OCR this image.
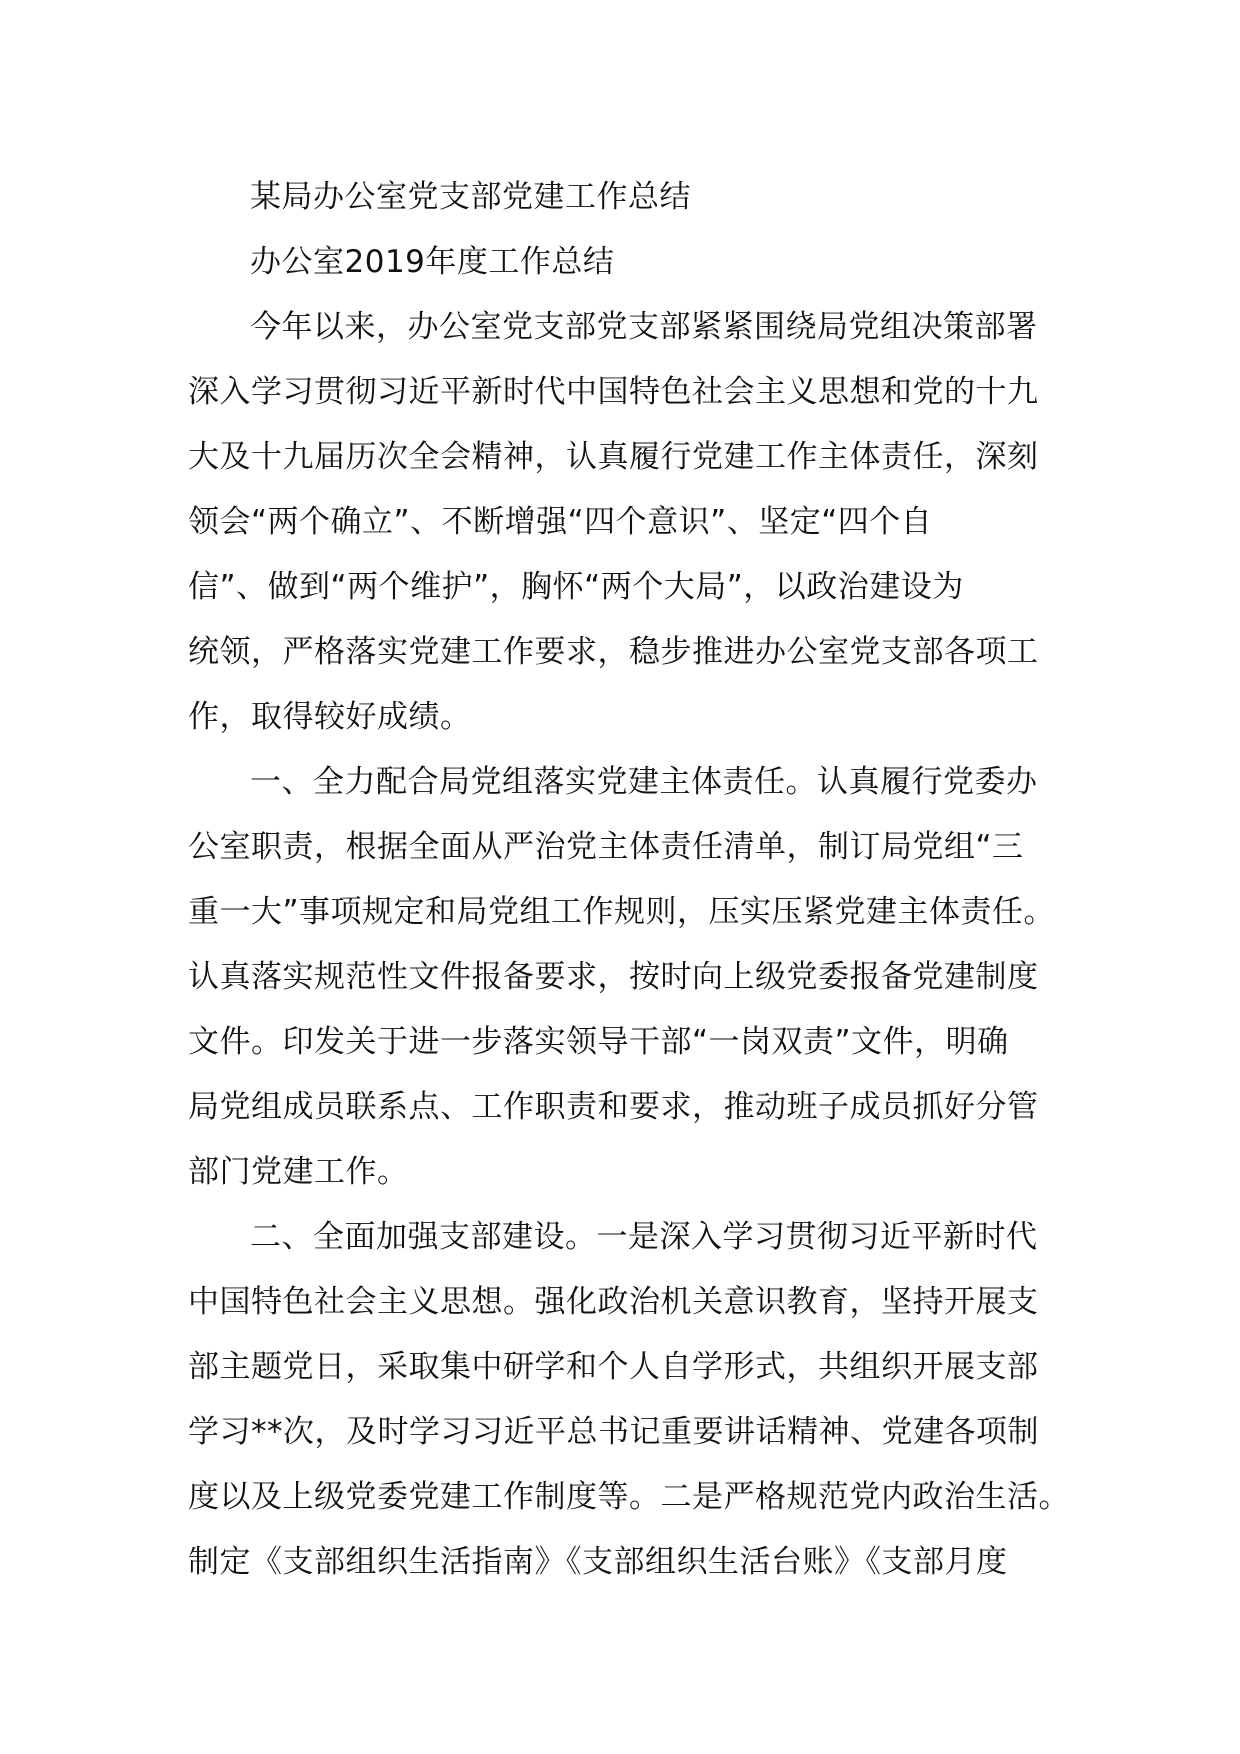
某局办公室党支部党建工作总结
办公室2019年度工作总结
今年以来，办公室党支部党支部紧紧围绕局党组决策部署
深入学习贯彻习近平新时代中国特色社会主义思想和党的十九
大及十九届历次全会精神，认真履行党建工作主体责任，深刻
领会“两个确立”、不断增强“四个意识”、坚定“四个自
信”、做到“两个维护”，胸怀“两个大局”，以政治建设为
统领，严格落实党建工作要求，稳步推进办公室党支部各项工
作，取得较好成绩。
一、全力配合局党组落实党建主体责任。认真履行党委办
公室职责，根据全面从严治党主体责任清单，制订局党组“三
重一大”事项规定和局党组工作规则，压实压紧党建主体责任。
认真落实规范性文件报备要求，按时向上级党委报备党建制度
文件。印发关于进一步落实领导干部“一岗双责”文件，明确
局党组成员联系点、工作职责和要求，推动班子成员抓好分管
部门党建工作。
二、全面加强支部建设。一是深入学习贯彻习近平新时代
中国特色社会主义思想。强化政治机关意识教育，坚持开展支
部主题党日，采取集中研学和个人自学形式，共组织开展支部
学习**次，及时学习习近平总书记重要讲话精神、党建各项制
度以及上级党委党建工作制度等。二是严格规范党内政治生活。
制定《支部组织生活指南》《支部组织生活台账》《支部月度
